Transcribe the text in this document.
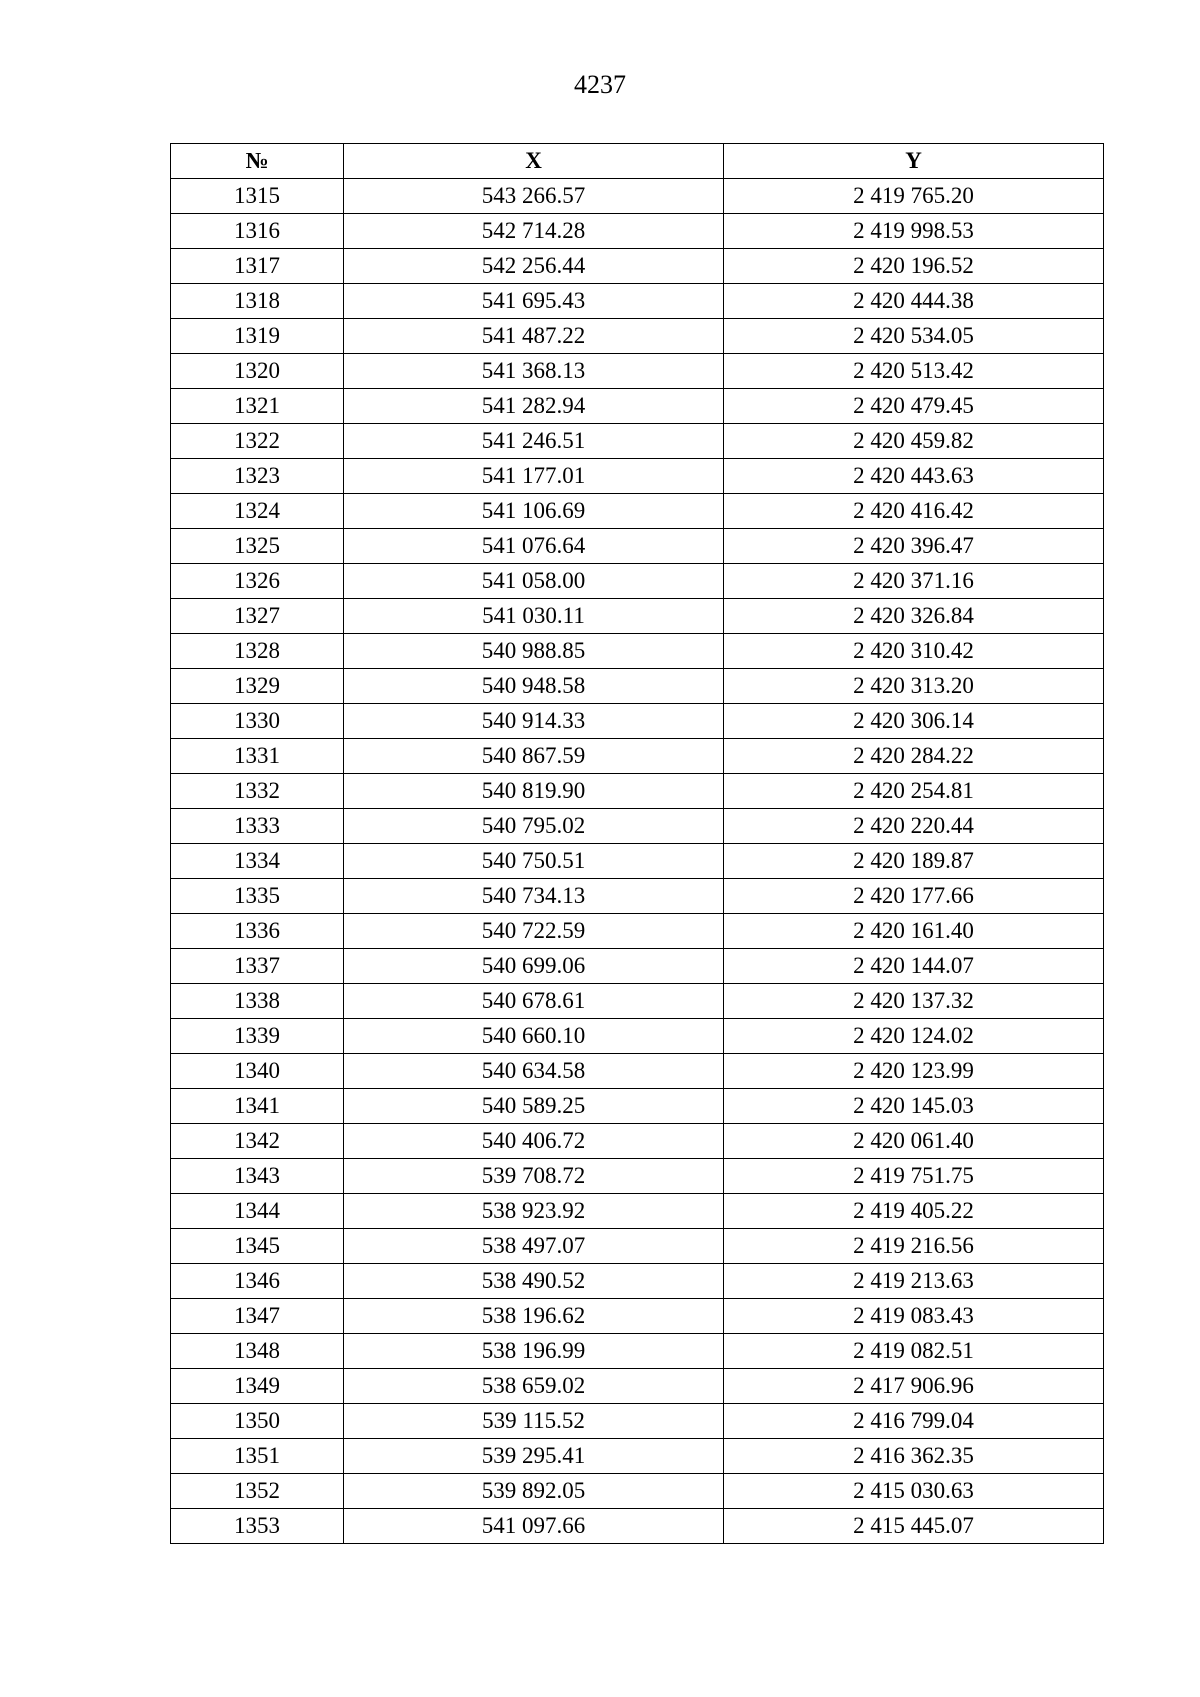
4237
№	X	Y
1315	543 266.57	2 419 765.20
1316	542 714.28	2 419 998.53
1317	542 256.44	2 420 196.52
1318	541 695.43	2 420 444.38
1319	541 487.22	2 420 534.05
1320	541 368.13	2 420 513.42
1321	541 282.94	2 420 479.45
1322	541 246.51	2 420 459.82
1323	541 177.01	2 420 443.63
1324	541 106.69	2 420 416.42
1325	541 076.64	2 420 396.47
1326	541 058.00	2 420 371.16
1327	541 030.11	2 420 326.84
1328	540 988.85	2 420 310.42
1329	540 948.58	2 420 313.20
1330	540 914.33	2 420 306.14
1331	540 867.59	2 420 284.22
1332	540 819.90	2 420 254.81
1333	540 795.02	2 420 220.44
1334	540 750.51	2 420 189.87
1335	540 734.13	2 420 177.66
1336	540 722.59	2 420 161.40
1337	540 699.06	2 420 144.07
1338	540 678.61	2 420 137.32
1339	540 660.10	2 420 124.02
1340	540 634.58	2 420 123.99
1341	540 589.25	2 420 145.03
1342	540 406.72	2 420 061.40
1343	539 708.72	2 419 751.75
1344	538 923.92	2 419 405.22
1345	538 497.07	2 419 216.56
1346	538 490.52	2 419 213.63
1347	538 196.62	2 419 083.43
1348	538 196.99	2 419 082.51
1349	538 659.02	2 417 906.96
1350	539 115.52	2 416 799.04
1351	539 295.41	2 416 362.35
1352	539 892.05	2 415 030.63
1353	541 097.66	2 415 445.07
